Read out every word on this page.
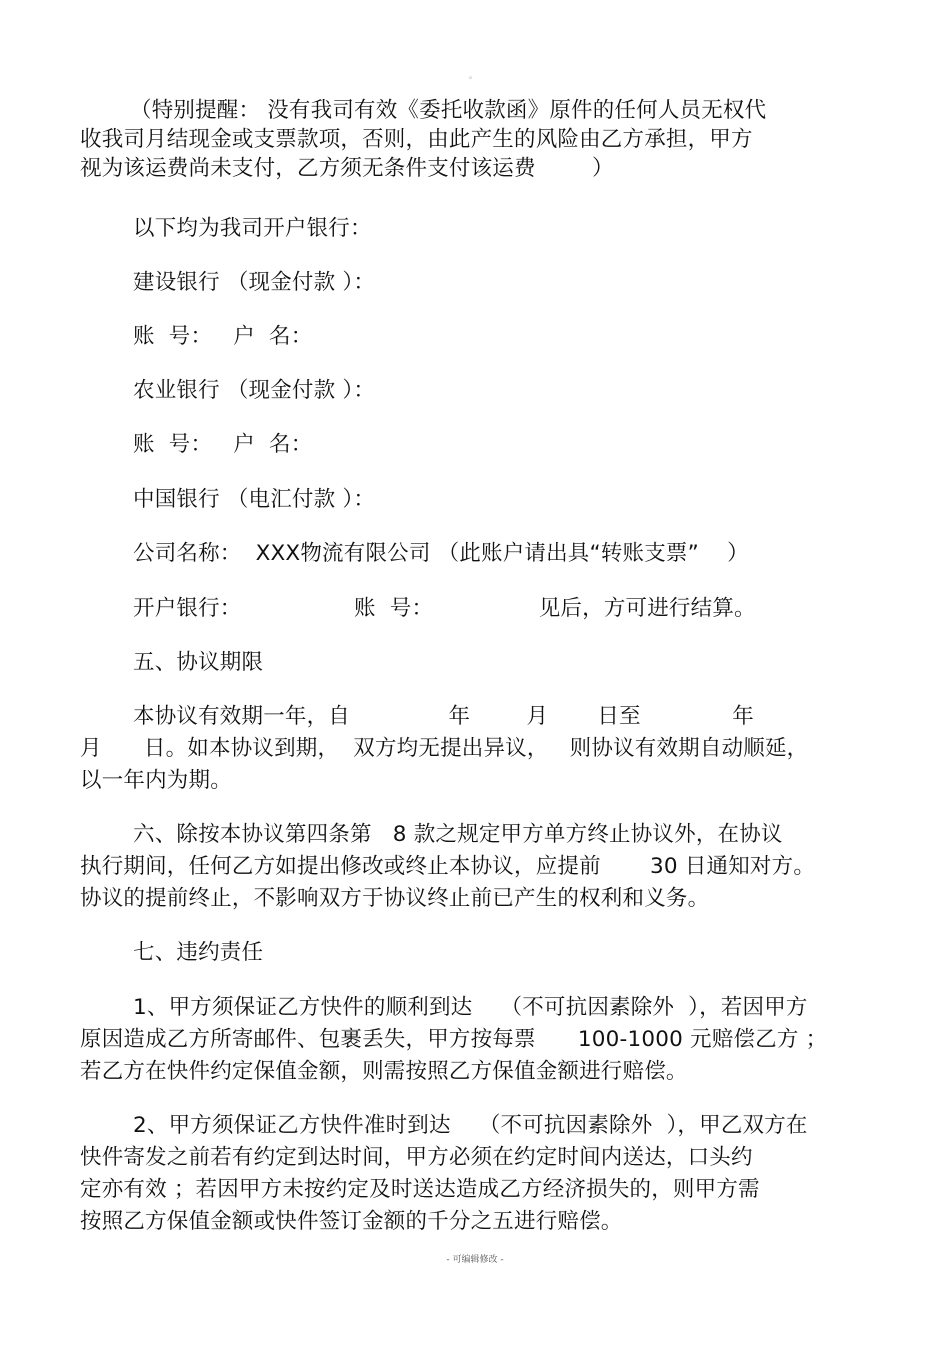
。
（特别提醒： 没有我司有效《委托收款函》原件的任何人员无权代
收我司月结现金或支票款项，否则，由此产生的风险由乙方承担，甲方
视为该运费尚未支付，乙方须无条件支付该运费        ）
以下均为我司开户银行：
建设银行 （现金付款 ）：
账  号：   户  名：
农业银行 （现金付款 ）：
账  号：   户  名：
中国银行 （电汇付款 ）：
公司名称：  XXX物流有限公司 （此账户请出具“转账支票”    ）
开户银行：                账  号：               见后，方可进行结算。
五、协议期限
本协议有效期一年，自              年        月       日至             年
月      日。如本协议到期，  双方均无提出异议，   则协议有效期自动顺延，
以一年内为期。
六、除按本协议第四条第   8 款之规定甲方单方终止协议外，在协议
执行期间，任何乙方如提出修改或终止本协议，应提前       30 日通知对方。
协议的提前终止，不影响双方于协议终止前已产生的权利和义务。
七、违约责任
1、甲方须保证乙方快件的顺利到达    （不可抗因素除外  ），若因甲方
原因造成乙方所寄邮件、包裹丢失，甲方按每票      100-1000 元赔偿乙方 ；
若乙方在快件约定保值金额，则需按照乙方保值金额进行赔偿。
2、甲方须保证乙方快件准时到达    （不可抗因素除外  ），甲乙双方在
快件寄发之前若有约定到达时间，甲方必须在约定时间内送达，口头约
定亦有效 ；若因甲方未按约定及时送达造成乙方经济损失的，则甲方需
按照乙方保值金额或快件签订金额的千分之五进行赔偿。
- 可编辑修改 -
